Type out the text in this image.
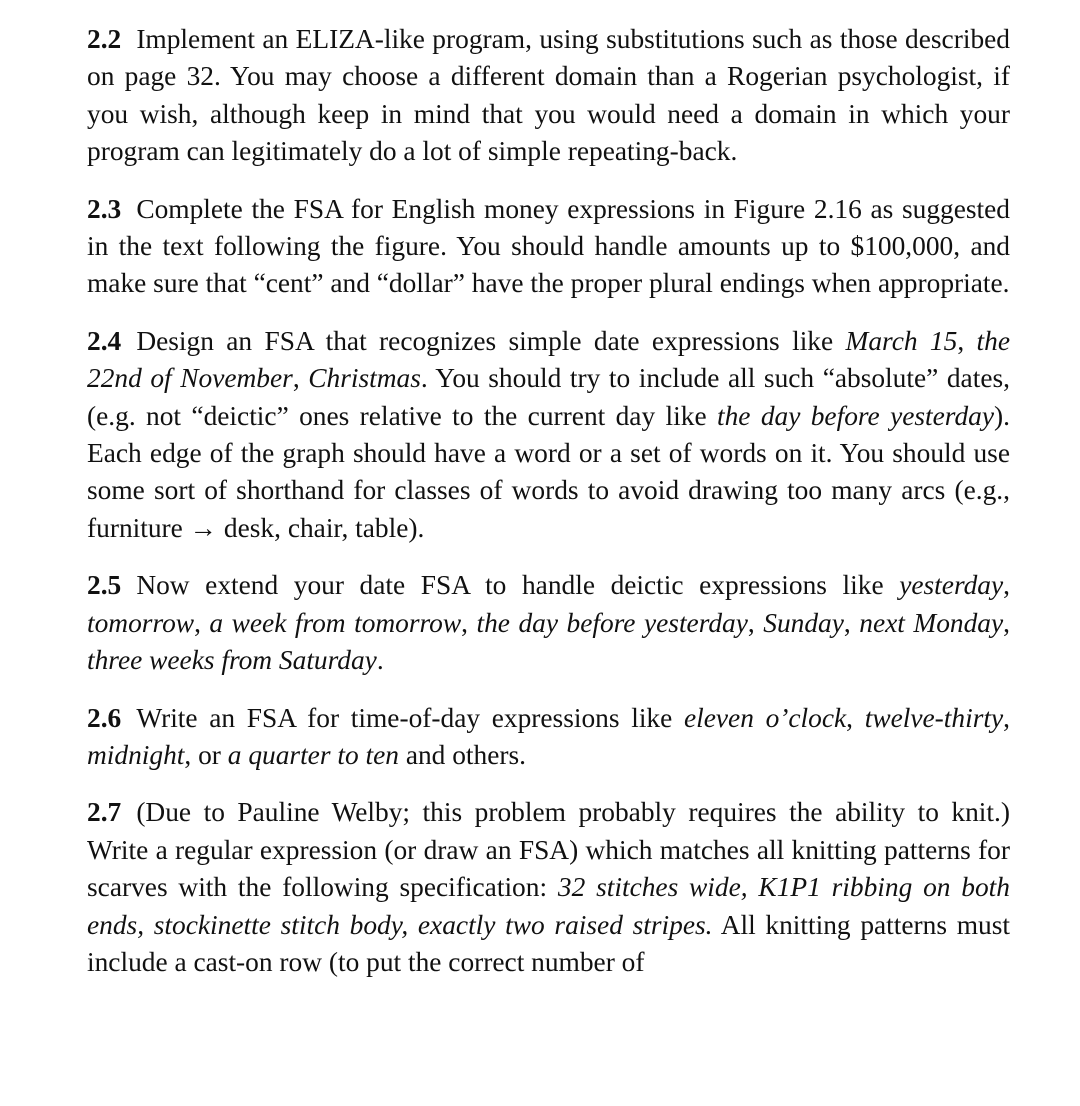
2.2 Implement an ELIZA-like program, using substitutions such as those described on page 32. You may choose a different domain than a Rogerian psychologist, if you wish, although keep in mind that you would need a domain in which your program can legitimately do a lot of simple repeating-back.

2.3 Complete the FSA for English money expressions in Figure 2.16 as suggested in the text following the figure. You should handle amounts up to $100,000, and make sure that “cent” and “dollar” have the proper plural endings when appropriate.

2.4 Design an FSA that recognizes simple date expressions like March 15, the 22nd of November, Christmas. You should try to include all such “absolute” dates, (e.g. not “deictic” ones relative to the current day like the day before yesterday). Each edge of the graph should have a word or a set of words on it. You should use some sort of shorthand for classes of words to avoid drawing too many arcs (e.g., furniture → desk, chair, table).

2.5 Now extend your date FSA to handle deictic expressions like yesterday, tomorrow, a week from tomorrow, the day before yesterday, Sunday, next Monday, three weeks from Saturday.

2.6 Write an FSA for time-of-day expressions like eleven o’clock, twelve-thirty, midnight, or a quarter to ten and others.

2.7 (Due to Pauline Welby; this problem probably requires the ability to knit.) Write a regular expression (or draw an FSA) which matches all knitting patterns for scarves with the following specification: 32 stitches wide, K1P1 ribbing on both ends, stockinette stitch body, exactly two raised stripes. All knitting patterns must include a cast-on row (to put the correct number of
